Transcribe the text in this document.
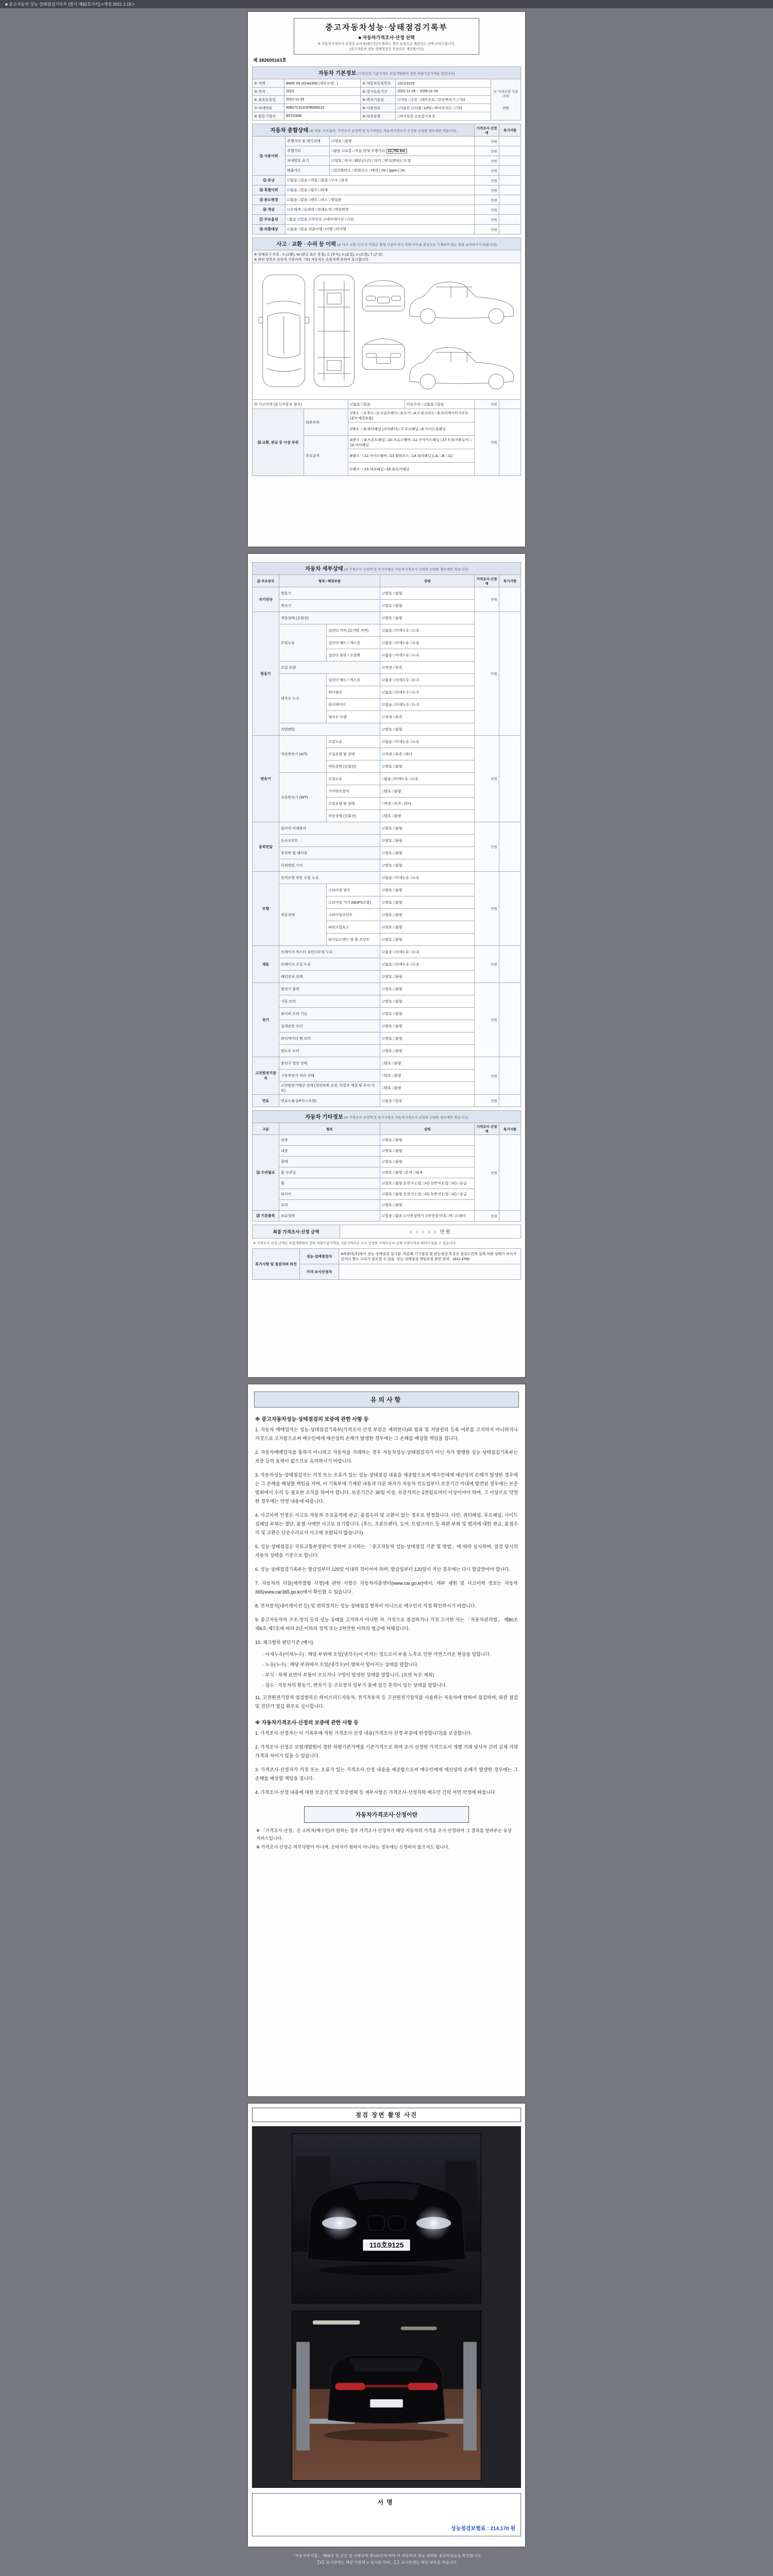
■ 중고자동차 성능·상태점검기록부 [별지 제82호서식] <개정 2021.1.19.>
중고자동차성능·상태점검기록부
■ 자동차가격조사·산정 선택
※ 자동차가격조사·산정은 소비자(매수인)가 원하는 경우 유상으로 제공되는 선택 서비스입니다.
(중고자동차 성능·상태점검은 무상으로 제공됩니다)
제 382600163호
자동차 기본정보 (가격산정 기준가격은 보험개발원이 정한 차량기준가액을 말합니다)				
① 차명	BMW X6 xDrive30d (세부모델 : )	② 자동차등록번호	110호9125	⑪ 가격산정 기준가격
만원

③ 연식	2023	④ 검사유효기간	2022-11-29 ~ 2026-11-28	
⑤ 최초등록일	2022-11-29	⑥ 변속기종류	☑자동 □수동 □세미오토 □무단변속기 □기타	
⑦ 차대번호	WBA7C6103P9M99016	⑧ 사용연료	□가솔린 ☑디젤 □LPG □하이브리드 □기타	
⑨ 원동기형식	B57D30B	⑩ 보증유형	□자가보증 ☑보험사보증	
자동차 종합상태 (※ 색상, 주요옵션, 가격조사·산정액 및 특기사항은 자동차가격조사·산정을 신청한 경우에만 적습니다)			가격조사·산정액	특기사항
⑫ 사용이력	주행거리 및 계기상태	☑양호 □불량	만원	
	주행거리	□많음 ☑보통 □적음 현재 주행거리 21,752 km	만원	
	차대번호 표기	☑양호 □부식 □훼손(오손) □상이 □변조(변타) □도말	만원	
	배출가스	□일산화탄소 □탄화수소 □매연 ( )% ( )ppm ( )%	만원	
⑬ 튜닝	☑없음 □있음 □적법 □불법 □구조 □장치		만원	
⑭ 특별이력	☑없음 □있음 □침수 □화재		만원	
⑮ 용도변경	☑없음 □있음 □렌트 □리스 □영업용		만원	
⑯ 색상	☑무채색 □유채색 □전체도색 □색상변경		만원	
⑰ 주요옵션	□없음 ☑있음 ☑썬루프 ☑네비게이션 □기타		만원	
⑱ 리콜대상	☑없음 □있음 리콜이행 □이행 □미이행		만원	
사고 · 교환 · 수리 등 이력 (※ 사고·교환·수리 등 이력은 발생 시점이 아닌 복원 여부를 중심으로 기재되어 있는 점을 유의하시기 바랍니다)					

※ 상태표시 부호 : X (교환), W (판금 또는 용접), C (부식), A (흠집), U (요철), T (손상)
※ 하단 항목은 승용차 기준이며, 기타 자동차는 승용차에 준하여 표시합니다.					

⑲ 사고이력 (표시사항 4. 참조)		☑없음 □있음	단순수리 : ☑없음 □있음	만원	
⑳ 교환, 판금 등 이상 부위	외판부위	1랭크 : □1.후드 □2.프론트펜더 □3.도어 □4.트렁크리드 □5.라디에이터서포트 (볼트체결부품)		만원	
		2랭크 : □6.쿼터패널 (리어펜더) □7.루프패널 □8.사이드실패널			
	주요골격	A랭크 : □9.프론트패널 □10.크로스멤버 □11.인사이드패널 □17.트렁크플로어 □18.리어패널			
		B랭크 : □12.사이드멤버 □13.휠하우스 □14.필러패널 (□A, □B, □C)			
		C랭크 : □15.대쉬패널 □16.플로어패널			
자동차 세부상태 (※ 가격조사·산정액 및 특기사항은 자동차가격조사·산정을 신청한 경우에만 적습니다)					
㉑ 주요장치	항목 / 해당부품		상태	가격조사·산정액	특기사항
자기진단	원동기		☑양호 □불량	만원	
	변속기		☑양호 □불량		
원동기	작동상태 (공회전)		☑양호 □불량	만원	
	오일누유	실린더 커버 (로커암 커버)	☑없음 □미세누유 □누유		
		실린더 헤드 / 개스킷	☑없음 □미세누유 □누유		
		실린더 블록 / 오일팬	☑없음 □미세누유 □누유		
	오일 유량		☑적정 □부족		
	냉각수 누수	실린더 헤드 / 개스킷	☑없음 □미세누수 □누수		
		워터펌프	☑없음 □미세누수 □누수		
		라디에이터	☑없음 □미세누수 □누수		
		냉각수 수량	☑적정 □부족		
	커먼레일		☑양호 □불량		
변속기	자동변속기 (A/T)	오일누유	☑없음 □미세누유 □누유	만원	
		오일유량 및 상태	☑적정 □부족 □과다		
		작동상태 (공회전)	☑양호 □불량		
	수동변속기 (M/T)	오일누유	□없음 □미세누유 □누유		
		기어변속장치	□양호 □불량		
		오일유량 및 상태	□적정 □부족 □과다		
		작동상태 (공회전)	□양호 □불량		
동력전달	클러치 어셈블리		☑양호 □불량	만원	
	등속조인트		☑양호 □불량		
	추진축 및 베어링		☑양호 □불량		
	디퍼렌셜 기어		☑양호 □불량		
조향	동력조향 작동 오일 누유		☑없음 □미세누유 □누유	만원	
	작동상태	스티어링 펌프	☑양호 □불량		
		스티어링 기어 (MDPS포함)	☑양호 □불량		
		스티어링조인트	☑양호 □불량		
		파워고압호스	☑양호 □불량		
		타이로드엔드 및 볼 조인트	☑양호 □불량		
제동	브레이크 마스터 실린더오일 누유		☑없음 □미세누유 □누유	만원	
	브레이크 오일 누유		☑없음 □미세누유 □누유		
	배력장치 상태		☑양호 □불량		
전기	발전기 출력		☑양호 □불량	만원	
	시동 모터		☑양호 □불량		
	와이퍼 모터 기능		☑양호 □불량		
	실내송풍 모터		☑양호 □불량		
	라디에이터 팬 모터		☑양호 □불량		
	윈도우 모터		☑양호 □불량		
고전원전기장치	충전구 절연 상태		□양호 □불량	만원	
	구동축전지 격리 상태		□양호 □불량		
	고전원전기배선 상태 (절연피복 손상, 연결부 체결 및 부식 여부)		□양호 □불량		
연료	연료누출 (LP가스포함)		☑없음 □있음	만원	
자동차 기타정보 (※ 가격조사·산정액 및 특기사항은 자동차가격조사·산정을 신청한 경우에만 적습니다)				
구분	항목	상태	가격조사·산정액	특기사항
㉒ 수리필요	외장	☑양호 □불량	만원	
	내장	☑양호 □불량		
	광택	☑양호 □불량		
	룸 크리닝	☑양호 □불량 □흔적 □냄새		
	휠	☑양호 □불량 운전석 (□앞 □뒤) 동반석 (□앞 □뒤) □응급		
	타이어	☑양호 □불량 운전석 (□앞 □뒤) 동반석 (□앞 □뒤) □응급		
	유리	☑양호 □불량		
㉓ 기본품목	보유상태	☑있음 □없음 ☑사용설명서 ☑안전삼각대 □잭 □스패너	만원	
최종 가격조사·산정 금액	○ ○ ○ ○ ○ 만원
※ 가격조사·산정 금액은 보험개발원이 정한 차량기준가액을 기준가격으로 조사·산정한 가격으로서 실제 거래가격과 차이가 있을 수 있습니다.
특기사항 및 점검자의 의견	성능·상태점검자	A/S센터(주)에서 성능·상태점검 실시함. 비분해 기기점검 및 관능점검 특성상 점검소견과 실제 차량 상태가 차이가 있거나 별도 수리가 필요할 수 있음. 성능·상태점검 책임보험 관련 문의 : 1811-4769
	가격·조사산정자	
유의사항
※ 중고자동차성능·상태점검의 보증에 관한 사항 등
1. 자동차 매매업자는 성능·상태점검기록부(가격조사·산정 부분은 제외한다)와 압류 및 저당권의 등록 여부를 고지하지 아니하거나 거짓으로 고지함으로써 매수인에게 재산상의 손해가 발생한 경우에는 그 손해를 배상할 책임을 집니다.
2. 자동차매매업자를 통하지 아니하고 자동차를 거래하는 경우 자동차성능·상태점검자가 아닌 자가 발행한 성능·상태점검기록부는 보증 등의 효력이 없으므로 유의하시기 바랍니다.
3. 자동차성능·상태점검자는 거짓 또는 오류가 있는 성능·상태점검 내용을 제공함으로써 매수인에게 재산상의 손해가 발생한 경우에는 그 손해를 배상할 책임을 지며, 이 기록부에 기재된 내용과 다른 하자가 자동차 인도일부터 보증기간 이내에 발견된 경우에는 보증 범위에서 수리 등 필요한 조치를 하여야 합니다. 보증기간은 30일 이상, 보증거리는 2천킬로미터 이상이어야 하며, 그 이상으로 약정한 경우에는 약정 내용에 따릅니다.
4. 사고이력 인정은 사고로 자동차 주요골격에 판금, 용접수리 및 교환이 있는 경우로 한정합니다. 다만, 쿼터패널, 루프패널, 사이드실패널 부위는 절단, 용접 시에만 사고로 표기합니다. (후드, 프론트펜더, 도어, 트렁크리드 등 외판 부위 및 범퍼에 대한 판금, 용접수리 및 교환은 단순수리로서 사고에 포함되지 않습니다)
5. 성능·상태점검은 국토교통부장관이 정하여 고시하는 「중고자동차 성능·상태점검 기준 및 방법」에 따라 실시하며, 점검 당시의 자동차 상태를 기준으로 합니다.
6. 성능·상태점검기록부는 발급일부터 120일 이내의 것이어야 하며, 발급일부터 120일이 지난 경우에는 다시 발급받아야 합니다.
7. 자동차의 리콜(제작결함 시정)에 관한 사항은 자동차리콜센터(www.car.go.kr)에서, 세부 제원 및 사고이력 정보는 자동차365(www.car365.go.kr)에서 확인할 수 있습니다.
8. 전자장치(내비게이션 등) 및 편의장치는 성능·상태점검 항목이 아니므로 매수인이 직접 확인하시기 바랍니다.
9. 중고자동차의 구조·장치 등의 성능·상태를 고지하지 아니한 자, 거짓으로 점검하거나 거짓 고지한 자는 「자동차관리법」 제80조 제6호·제7호에 따라 2년 이하의 징역 또는 2천만원 이하의 벌금에 처해집니다.
10. 체크항목 판단기준 (예시)
· 미세누유(미세누수) : 해당 부위에 오일(냉각수)이 비치는 정도로서 부품 노후로 인한 자연스러운 현상을 말합니다.
· 누유(누수) : 해당 부위에서 오일(냉각수)이 맺혀서 떨어지는 상태를 말합니다.
· 부식 : 차체 표면이 부풀어 오르거나 구멍이 발생한 상태를 말합니다. (표면 녹은 제외)
· 침수 : 자동차의 원동기, 변속기 등 주요장치 일부가 물에 잠긴 흔적이 있는 상태를 말합니다.
11. 고전원전기장치 점검항목은 하이브리드자동차, 전기자동차 등 고전원전기장치를 사용하는 자동차에 한하여 점검하며, 외관 점검 및 진단기 점검 위주로 실시합니다.
※ 자동차가격조사·산정의 보증에 관한 사항 등
1. 가격조사·산정자는 이 기록부에 적힌 가격조사·산정 내용(가격조사·산정 부분에 한정합니다)을 보증합니다.
2. 가격조사·산정은 보험개발원이 정한 차량기준가액을 기준가격으로 하여 조사·산정한 가격으로서 개별 거래 당사자 간의 실제 거래가격과 차이가 있을 수 있습니다.
3. 가격조사·산정자가 거짓 또는 오류가 있는 가격조사·산정 내용을 제공함으로써 매수인에게 재산상의 손해가 발생한 경우에는 그 손해를 배상할 책임을 집니다.
4. 가격조사·산정 내용에 대한 보증기간 및 보증범위 등 세부사항은 가격조사·산정자와 매수인 간의 서면 약정에 따릅니다.
자동차가격조사·산정이란
※ 「가격조사·산정」은 소비자(매수인)가 원하는 경우 가격조사·산정자가 해당 자동차의 가격을 조사·산정하여 그 결과를 알려주는 유상 서비스입니다.
※ 가격조사·산정은 의무사항이 아니며, 소비자가 원하지 아니하는 경우에는 신청하지 않으셔도 됩니다.
점검 장면 촬영 사진
110호9125
서명
성능점검보험료 : 214,170 원
「자동차관리법」 제58조 및 같은 법 시행규칙 제120조에 따라 이 자동차의 성능·상태를 점검하였음을 확인합니다.
【Ⅴ】표시란에는 해당 사항에 ∨ 표시를 하며, 【 】표시란에는 해당 내용을 적습니다.
